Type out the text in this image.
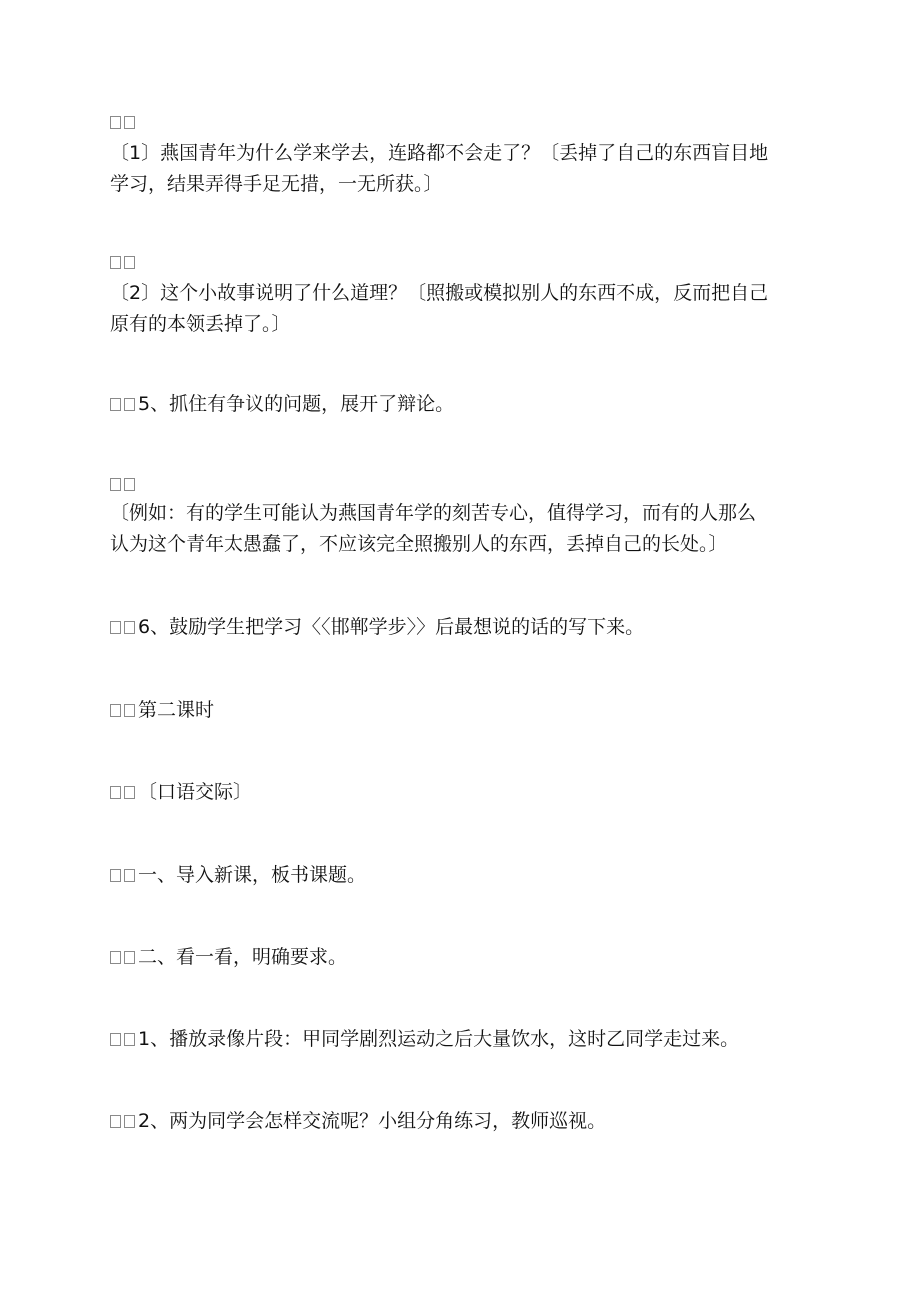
〔1〕燕国青年为什么学来学去，连路都不会走了？〔丢掉了自己的东西盲目地
学习，结果弄得手足无措，一无所获。〕
〔2〕这个小故事说明了什么道理？〔照搬或模拟别人的东西不成，反而把自己
原有的本领丢掉了。〕
5、抓住有争议的问题，展开了辩论。
〔例如：有的学生可能认为燕国青年学的刻苦专心，值得学习，而有的人那么
认为这个青年太愚蠢了，不应该完全照搬别人的东西，丢掉自己的长处。〕
6、鼓励学生把学习〈〈邯郸学步〉〉后最想说的话的写下来。
第二课时
〔口语交际〕
一、导入新课，板书课题。
二、看一看，明确要求。
1、播放录像片段：甲同学剧烈运动之后大量饮水，这时乙同学走过来。
2、两为同学会怎样交流呢？小组分角练习，教师巡视。
